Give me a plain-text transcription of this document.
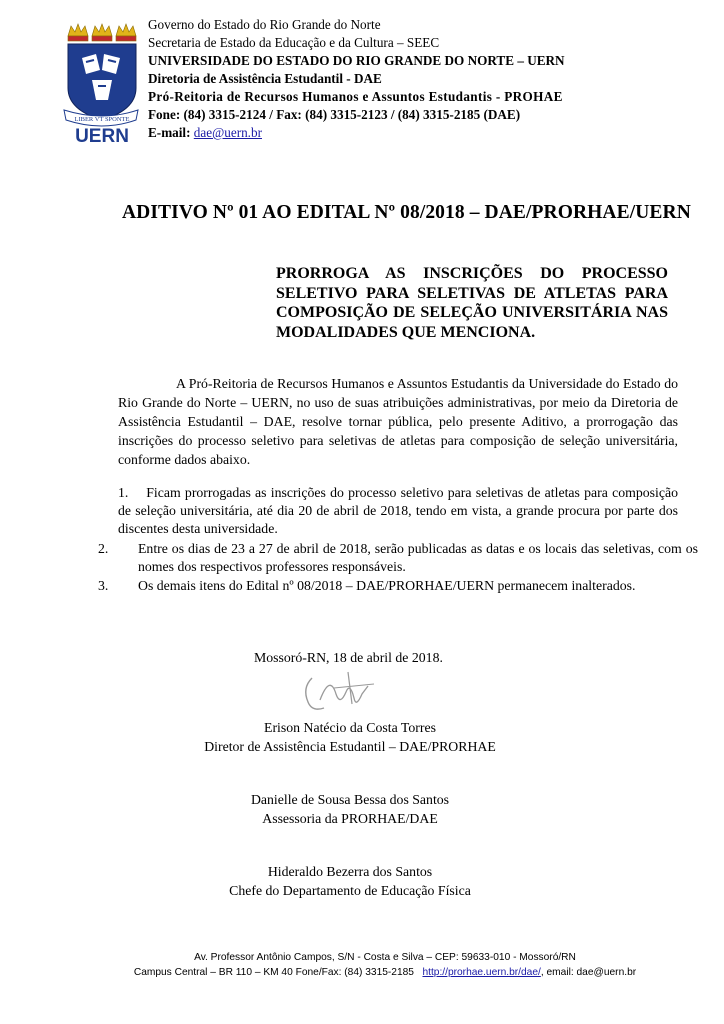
LIBER VT SPONTE
UERN
Governo do Estado do Rio Grande do Norte
Secretaria de Estado da Educação e da Cultura – SEEC
UNIVERSIDADE DO ESTADO DO RIO GRANDE DO NORTE – UERN
Diretoria de Assistência Estudantil - DAE
Pró-Reitoria de Recursos Humanos e Assuntos Estudantis - PROHAE
Fone: (84) 3315-2124 / Fax: (84) 3315-2123 / (84) 3315-2185 (DAE)
E-mail: dae@uern.br
ADITIVO Nº 01 AO EDITAL Nº 08/2018 – DAE/PRORHAE/UERN
PRORROGA AS INSCRIÇÕES DO PROCESSO SELETIVO PARA SELETIVAS DE ATLETAS PARA COMPOSIÇÃO DE SELEÇÃO UNIVERSITÁRIA NAS MODALIDADES QUE MENCIONA.
A Pró-Reitoria de Recursos Humanos e Assuntos Estudantis da Universidade do Estado do Rio Grande do Norte – UERN, no uso de suas atribuições administrativas, por meio da Diretoria de Assistência Estudantil – DAE, resolve tornar pública, pelo presente Aditivo, a prorrogação das inscrições do processo seletivo para seletivas de atletas para composição de seleção universitária, conforme dados abaixo.
1. Ficam prorrogadas as inscrições do processo seletivo para seletivas de atletas para composição de seleção universitária, até dia 20 de abril de 2018, tendo em vista, a grande procura por parte dos discentes desta universidade.
2. Entre os dias de 23 a 27 de abril de 2018, serão publicadas as datas e os locais das seletivas, com os nomes dos respectivos professores responsáveis.
3. Os demais itens do Edital nº 08/2018 – DAE/PRORHAE/UERN permanecem inalterados.
Mossoró-RN, 18 de abril de 2018.
Erison Natécio da Costa Torres
Diretor de Assistência Estudantil – DAE/PRORHAE
Danielle de Sousa Bessa dos Santos
Assessoria da PRORHAE/DAE
Hideraldo Bezerra dos Santos
Chefe do Departamento de Educação Física
Av. Professor Antônio Campos, S/N - Costa e Silva – CEP: 59633-010 - Mossoró/RN
Campus Central – BR 110 – KM 40 Fone/Fax: (84) 3315-2185 http://prorhae.uern.br/dae/, email: dae@uern.br
